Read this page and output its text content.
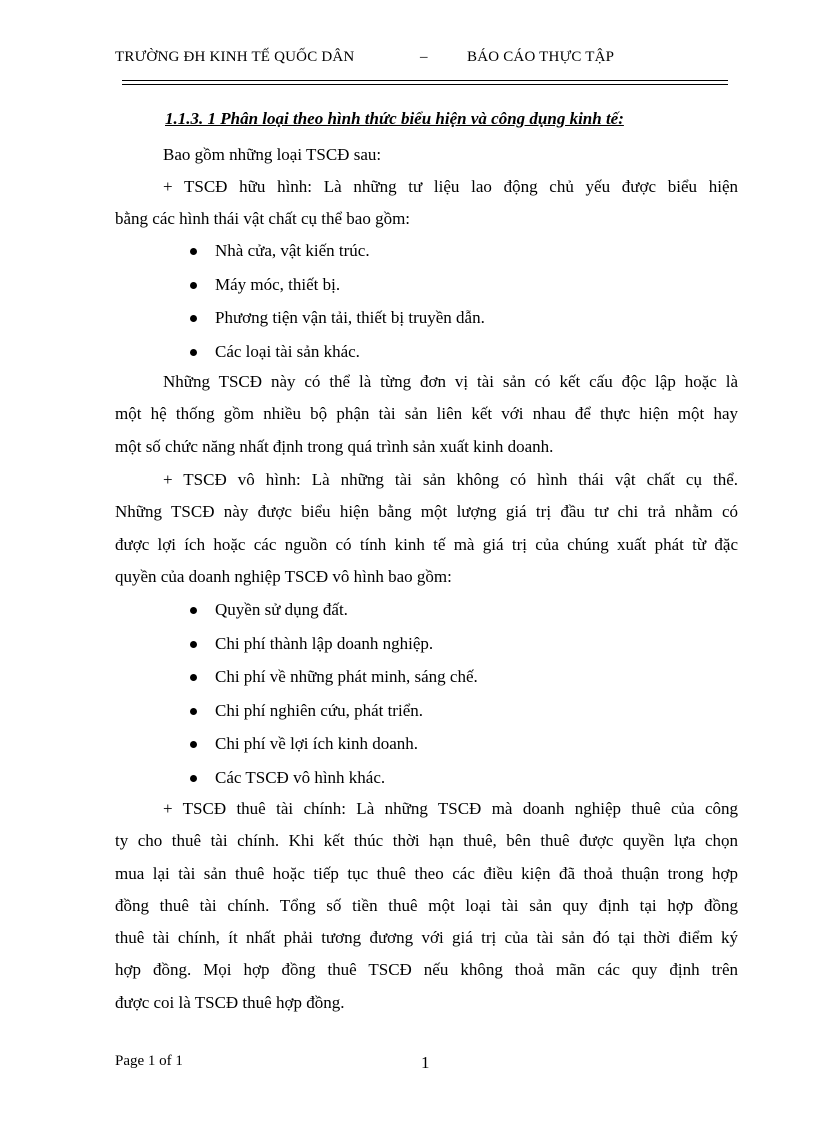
TRƯỜNG ĐH KINH TẾ QUỐC DÂN	–	BÁO CÁO THỰC TẬP
1.1.3. 1 Phân loại theo hình thức biểu hiện và công dụng kinh tế:

Bao gồm những loại TSCĐ sau:

+ TSCĐ hữu hình: Là những tư liệu lao động chủ yếu được biểu hiện
bằng các hình thái vật chất cụ thể bao gồm:

Nhà cửa, vật kiến trúc.
Máy móc, thiết bị.
Phương tiện vận tải, thiết bị truyền dẫn.
Các loại tài sản khác.

Những TSCĐ này có thể là từng đơn vị tài sản có kết cấu độc lập hoặc là
một hệ thống gồm nhiều bộ phận tài sản liên kết với nhau để thực hiện một hay
một số chức năng nhất định trong quá trình sản xuất kinh doanh.

+ TSCĐ vô hình: Là những tài sản không có hình thái vật chất cụ thể.
Những TSCĐ này được biểu hiện bằng một lượng giá trị đầu tư chi trả nhằm có
được lợi ích hoặc các nguồn có tính kinh tế mà giá trị của chúng xuất phát từ đặc
quyền của doanh nghiệp TSCĐ vô hình bao gồm:

Quyền sử dụng đất.
Chi phí thành lập doanh nghiệp.
Chi phí về những phát minh, sáng chế.
Chi phí nghiên cứu, phát triển.
Chi phí về lợi ích kinh doanh.
Các TSCĐ vô hình khác.

+ TSCĐ thuê tài chính: Là những TSCĐ mà doanh nghiệp thuê của công
ty cho thuê tài chính. Khi kết thúc thời hạn thuê, bên thuê được quyền lựa chọn
mua lại tài sản thuê hoặc tiếp tục thuê theo các điều kiện đã thoả thuận trong hợp
đồng thuê tài chính. Tổng số tiền thuê một loại tài sản quy định tại hợp đồng
thuê tài chính, ít nhất phải tương đương với giá trị của tài sản đó tại thời điểm ký
hợp đồng. Mọi hợp đồng thuê TSCĐ nếu không thoả mãn các quy định trên
được coi là TSCĐ thuê hợp đồng.

Page 1 of 1	1
